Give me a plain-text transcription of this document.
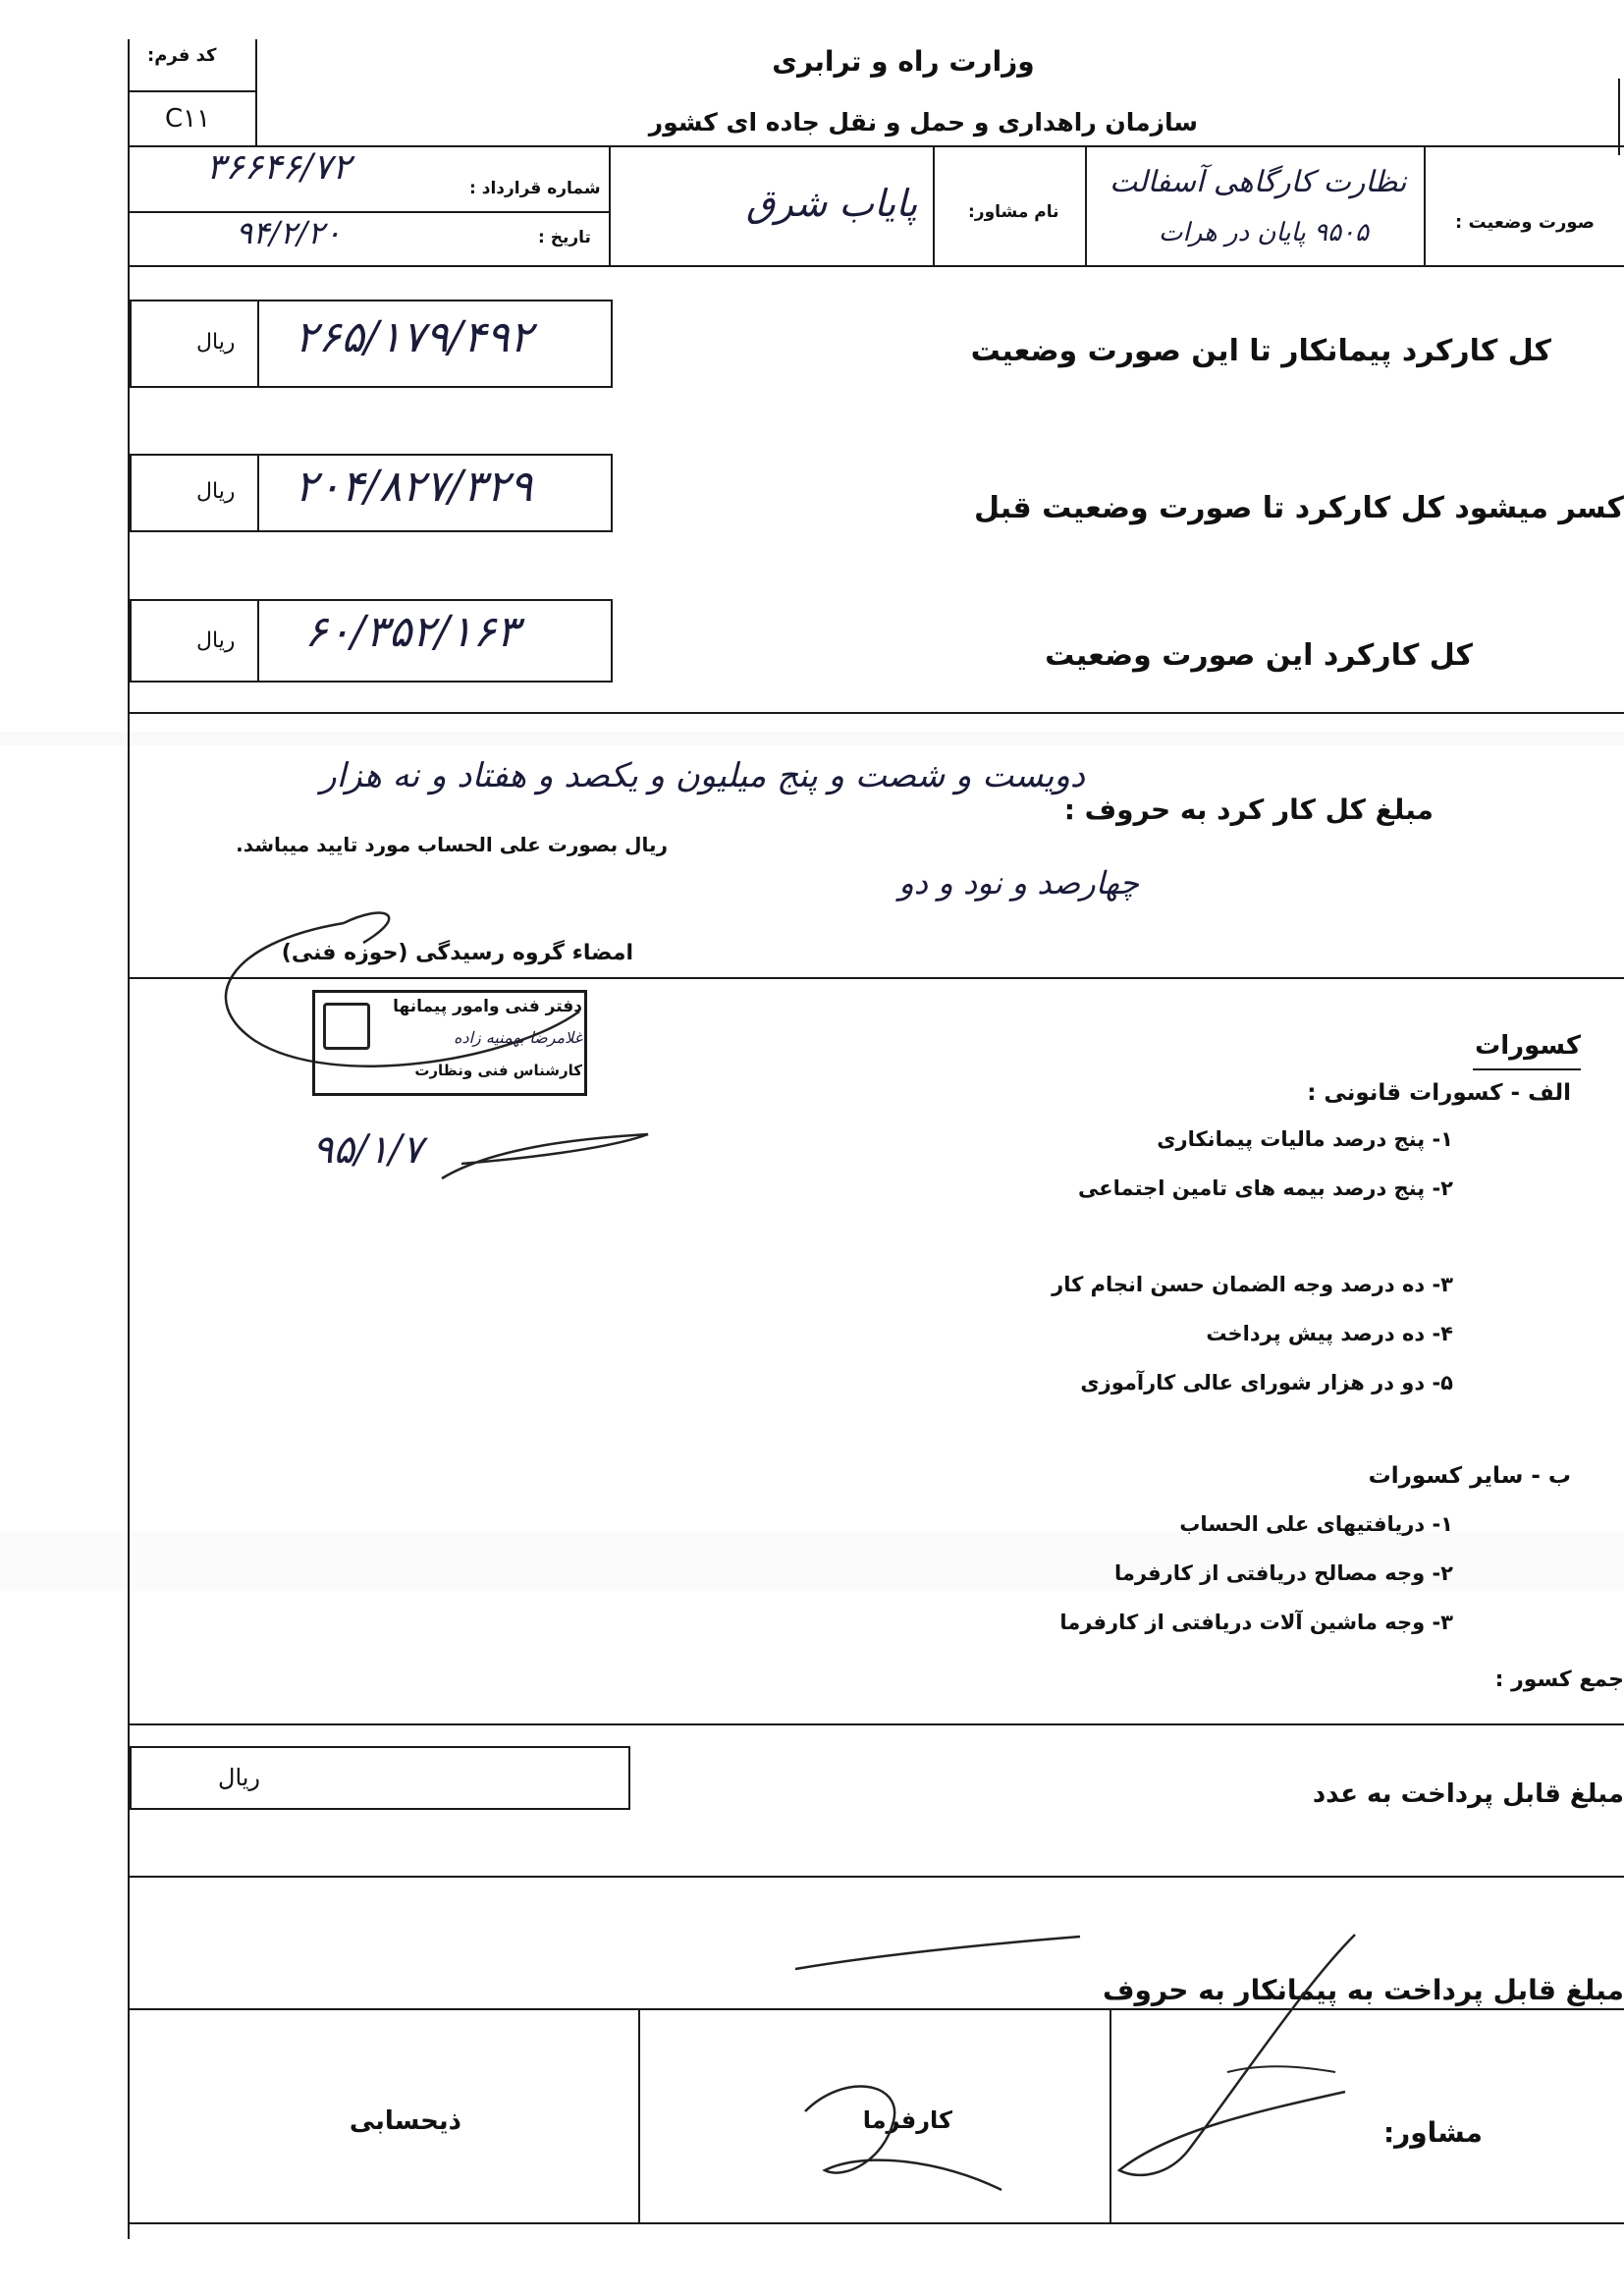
کد فرم:
C۱۱
وزارت راه و ترابری
سازمان راهداری و حمل و نقل جاده ای کشور
۳۶۶۴۶/۷۲
شماره قرارداد :
۹۴/۲/۲۰	تاریخ :
پایاب شرق	نام مشاور:
نظارت کارگاهی آسفالت
۹۵۰۵ پایان در هرات	صورت وضعیت :
ریال ۲۶۵/۱۷۹/۴۹۲	کل کارکرد پیمانکار تا این صورت وضعیت
ریال ۲۰۴/۸۲۷/۳۲۹	کسر میشود کل کارکرد تا صورت وضعیت قبل
ریال ۶۰/۳۵۲/۱۶۳	کل کارکرد این صورت وضعیت
مبلغ کل کار کرد به حروف :
دویست و شصت و پنج میلیون و یکصد و هفتاد و نه هزار
چهارصد و نود و دو
ریال بصورت علی الحساب مورد تایید میباشد.
امضاء گروه رسیدگی (حوزه فنی)
دفتر فنی وامور پیمانها
غلامرضا بهمنیه زاده
کارشناس فنی ونظارت
۹۵/۱/۷
کسورات
الف - کسورات قانونی :
۱- پنج درصد مالیات پیمانکاری
۲- پنج درصد بیمه های تامین اجتماعی
۳- ده درصد وجه الضمان حسن انجام کار
۴- ده درصد پیش پرداخت
۵- دو در هزار شورای عالی کارآموزی
ب - سایر کسورات
۱- دریافتیهای علی الحساب
۲- وجه مصالح دریافتی از کارفرما
۳- وجه ماشین آلات دریافتی از کارفرما
جمع کسور :
ریال
مبلغ قابل پرداخت به عدد
مبلغ قابل پرداخت به پیمانکار به حروف
ذیحسابی	کارفرما	مشاور:
